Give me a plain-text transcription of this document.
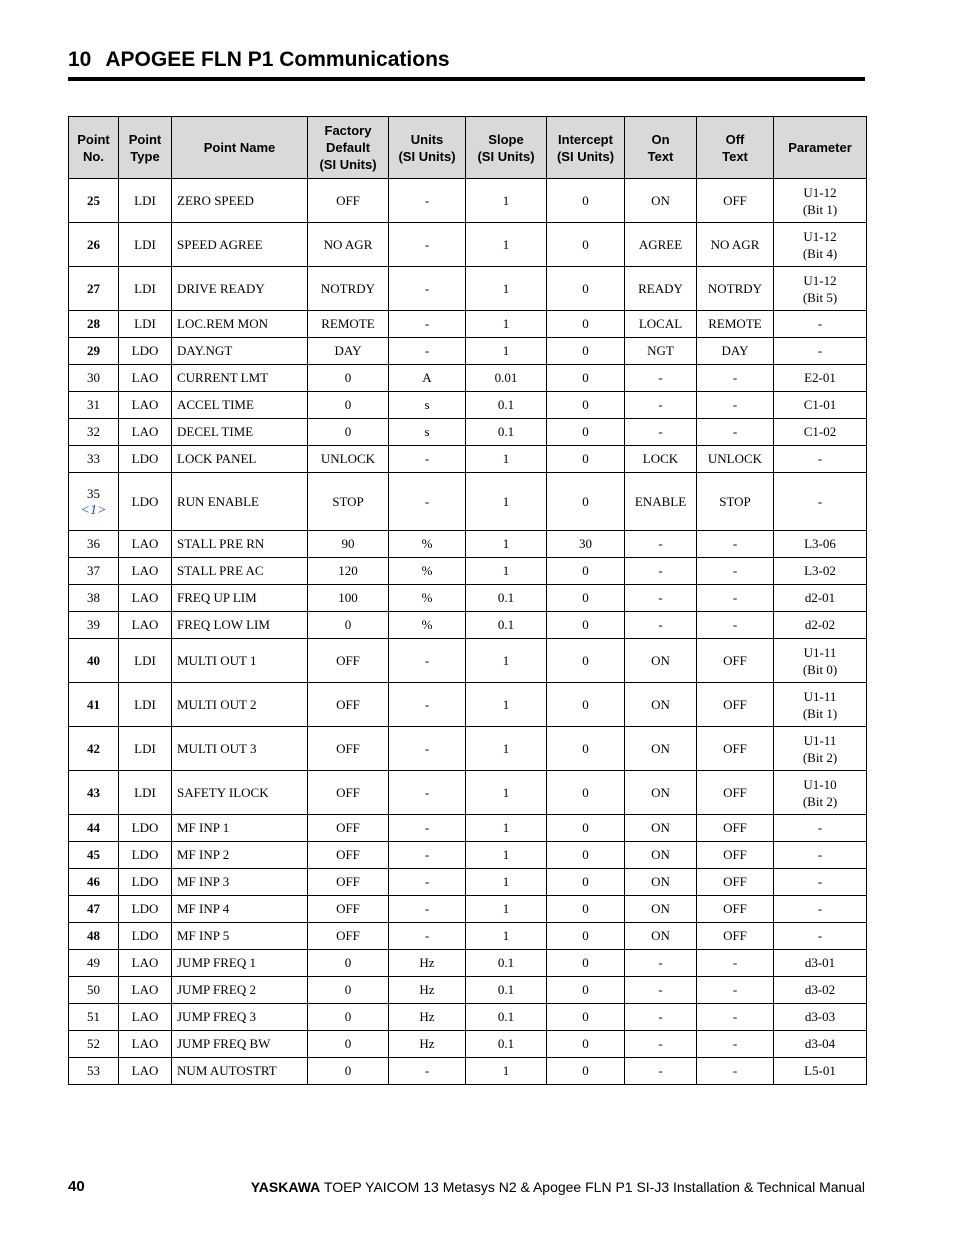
10 APOGEE FLN P1 Communications
Point
No.	Point
Type	Point Name	Factory
Default
(SI Units)	Units
(SI Units)	Slope
(SI Units)	Intercept
(SI Units)	On
Text	Off
Text	Parameter
25	LDI	ZERO SPEED	OFF	-	1	0	ON	OFF	U1-12
(Bit 1)
26	LDI	SPEED AGREE	NO AGR	-	1	0	AGREE	NO AGR	U1-12
(Bit 4)
27	LDI	DRIVE READY	NOTRDY	-	1	0	READY	NOTRDY	U1-12
(Bit 5)
28	LDI	LOC.REM MON	REMOTE	-	1	0	LOCAL	REMOTE	-
29	LDO	DAY.NGT	DAY	-	1	0	NGT	DAY	-
30	LAO	CURRENT LMT	0	A	0.01	0	-	-	E2-01
31	LAO	ACCEL TIME	0	s	0.1	0	-	-	C1-01
32	LAO	DECEL TIME	0	s	0.1	0	-	-	C1-02
33	LDO	LOCK PANEL	UNLOCK	-	1	0	LOCK	UNLOCK	-
35
<1>	LDO	RUN ENABLE	STOP	-	1	0	ENABLE	STOP	-
36	LAO	STALL PRE RN	90	%	1	30	-	-	L3-06
37	LAO	STALL PRE AC	120	%	1	0	-	-	L3-02
38	LAO	FREQ UP LIM	100	%	0.1	0	-	-	d2-01
39	LAO	FREQ LOW LIM	0	%	0.1	0	-	-	d2-02
40	LDI	MULTI OUT 1	OFF	-	1	0	ON	OFF	U1-11
(Bit 0)
41	LDI	MULTI OUT 2	OFF	-	1	0	ON	OFF	U1-11
(Bit 1)
42	LDI	MULTI OUT 3	OFF	-	1	0	ON	OFF	U1-11
(Bit 2)
43	LDI	SAFETY ILOCK	OFF	-	1	0	ON	OFF	U1-10
(Bit 2)
44	LDO	MF INP 1	OFF	-	1	0	ON	OFF	-
45	LDO	MF INP 2	OFF	-	1	0	ON	OFF	-
46	LDO	MF INP 3	OFF	-	1	0	ON	OFF	-
47	LDO	MF INP 4	OFF	-	1	0	ON	OFF	-
48	LDO	MF INP 5	OFF	-	1	0	ON	OFF	-
49	LAO	JUMP FREQ 1	0	Hz	0.1	0	-	-	d3-01
50	LAO	JUMP FREQ 2	0	Hz	0.1	0	-	-	d3-02
51	LAO	JUMP FREQ 3	0	Hz	0.1	0	-	-	d3-03
52	LAO	JUMP FREQ BW	0	Hz	0.1	0	-	-	d3-04
53	LAO	NUM AUTOSTRT	0	-	1	0	-	-	L5-01
40	YASKAWA TOEP YAICOM 13 Metasys N2 & Apogee FLN P1 SI-J3 Installation & Technical Manual
